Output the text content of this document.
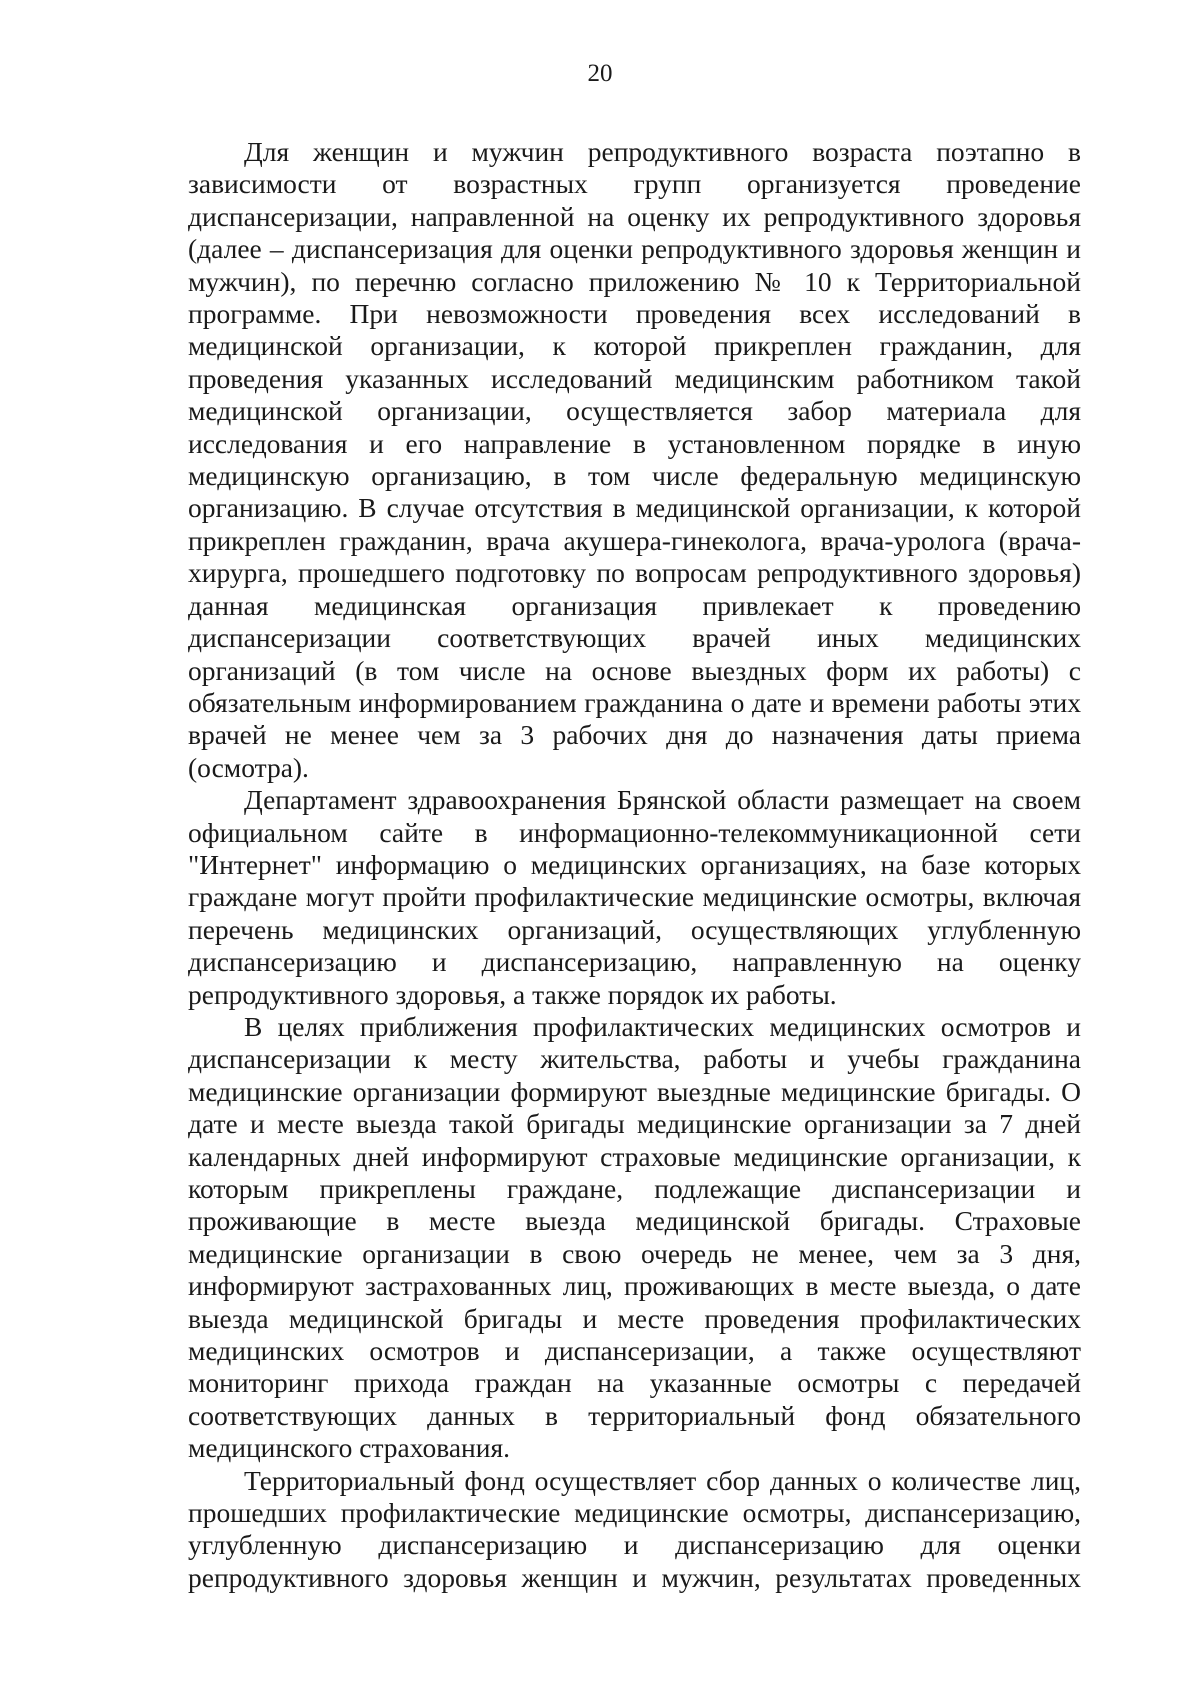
20
Для женщин и мужчин репродуктивного возраста поэтапно в
зависимости от возрастных групп организуется проведение
диспансеризации, направленной на оценку их репродуктивного здоровья
(далее – диспансеризация для оценки репродуктивного здоровья женщин и
мужчин), по перечню согласно приложению № 10 к Территориальной
программе. При невозможности проведения всех исследований в
медицинской организации, к которой прикреплен гражданин, для
проведения указанных исследований медицинским работником такой
медицинской организации, осуществляется забор материала для
исследования и его направление в установленном порядке в иную
медицинскую организацию, в том числе федеральную медицинскую
организацию. В случае отсутствия в медицинской организации, к которой
прикреплен гражданин, врача акушера-гинеколога, врача-уролога (врача-
хирурга, прошедшего подготовку по вопросам репродуктивного здоровья)
данная медицинская организация привлекает к проведению
диспансеризации соответствующих врачей иных медицинских
организаций (в том числе на основе выездных форм их работы) с
обязательным информированием гражданина о дате и времени работы этих
врачей не менее чем за 3 рабочих дня до назначения даты приема
(осмотра).
Департамент здравоохранения Брянской области размещает на своем
официальном сайте в информационно-телекоммуникационной сети
"Интернет" информацию о медицинских организациях, на базе которых
граждане могут пройти профилактические медицинские осмотры, включая
перечень медицинских организаций, осуществляющих углубленную
диспансеризацию и диспансеризацию, направленную на оценку
репродуктивного здоровья, а также порядок их работы.
В целях приближения профилактических медицинских осмотров и
диспансеризации к месту жительства, работы и учебы гражданина
медицинские организации формируют выездные медицинские бригады. О
дате и месте выезда такой бригады медицинские организации за 7 дней
календарных дней информируют страховые медицинские организации, к
которым прикреплены граждане, подлежащие диспансеризации и
проживающие в месте выезда медицинской бригады. Страховые
медицинские организации в свою очередь не менее, чем за 3 дня,
информируют застрахованных лиц, проживающих в месте выезда, о дате
выезда медицинской бригады и месте проведения профилактических
медицинских осмотров и диспансеризации, а также осуществляют
мониторинг прихода граждан на указанные осмотры с передачей
соответствующих данных в территориальный фонд обязательного
медицинского страхования.
Территориальный фонд осуществляет сбор данных о количестве лиц,
прошедших профилактические медицинские осмотры, диспансеризацию,
углубленную диспансеризацию и диспансеризацию для оценки
репродуктивного здоровья женщин и мужчин, результатах проведенных
